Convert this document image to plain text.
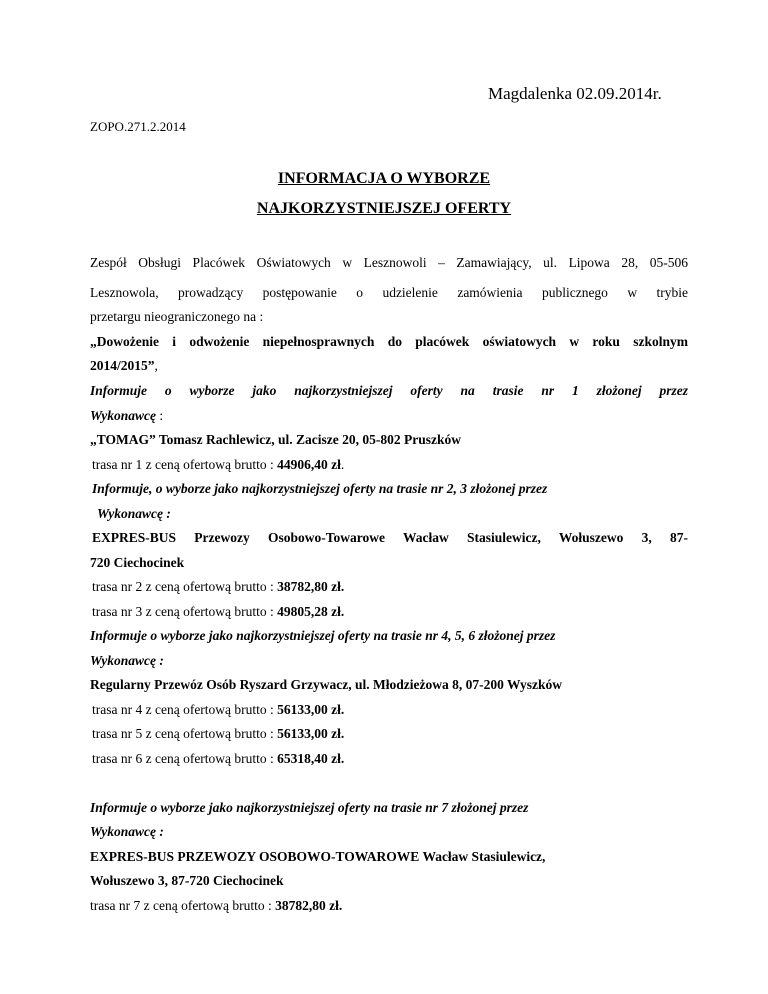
Magdalenka 02.09.2014r.
ZOPO.271.2.2014
INFORMACJA O WYBORZE
NAJKORZYSTNIEJSZEJ OFERTY
Zespół Obsługi Placówek Oświatowych w Lesznowoli – Zamawiający, ul. Lipowa 28, 05-506
Lesznowola, prowadzący postępowanie o udzielenie zamówienia publicznego w trybie
przetargu nieograniczonego na :
„Dowożenie i odwożenie niepełnosprawnych do placówek oświatowych w roku szkolnym
2014/2015”,
Informuje o wyborze jako najkorzystniejszej oferty na trasie nr 1 złożonej przez
Wykonawcę :
„TOMAG” Tomasz Rachlewicz, ul. Zacisze 20, 05-802 Pruszków
trasa nr 1 z ceną ofertową brutto : 44906,40 zł.
Informuje, o wyborze jako najkorzystniejszej oferty na trasie nr 2, 3 złożonej przez
Wykonawcę :
EXPRES-BUS Przewozy Osobowo-Towarowe Wacław Stasiulewicz, Wołuszewo 3, 87-
720 Ciechocinek
trasa nr 2 z ceną ofertową brutto : 38782,80 zł.
trasa nr 3 z ceną ofertową brutto : 49805,28 zł.
Informuje o wyborze jako najkorzystniejszej oferty na trasie nr 4, 5, 6 złożonej przez
Wykonawcę :
Regularny Przewóz Osób Ryszard Grzywacz, ul. Młodzieżowa 8, 07-200 Wyszków
trasa nr 4 z ceną ofertową brutto : 56133,00 zł.
trasa nr 5 z ceną ofertową brutto : 56133,00 zł.
trasa nr 6 z ceną ofertową brutto : 65318,40 zł.
Informuje o wyborze jako najkorzystniejszej oferty na trasie nr 7 złożonej przez
Wykonawcę :
EXPRES-BUS PRZEWOZY OSOBOWO-TOWAROWE Wacław Stasiulewicz,
Wołuszewo 3, 87-720 Ciechocinek
trasa nr 7 z ceną ofertową brutto : 38782,80 zł.
